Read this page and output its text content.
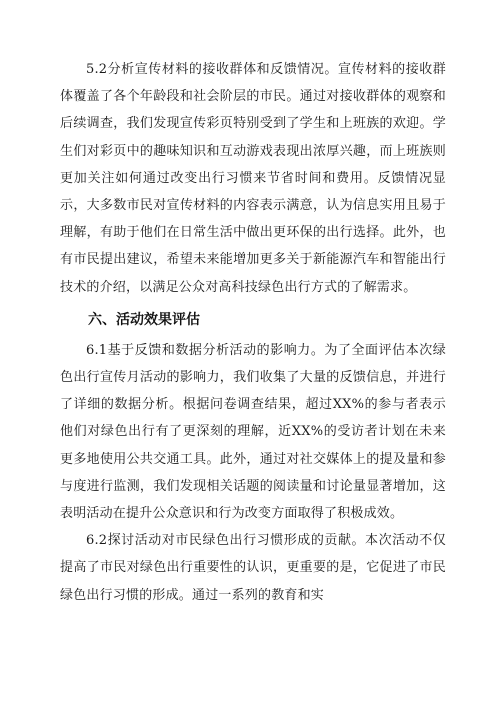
5.2分析宣传材料的接收群体和反馈情况。宣传材料的接收群体覆盖了各个年龄段和社会阶层的市民。通过对接收群体的观察和后续调查，我们发现宣传彩页特别受到了学生和上班族的欢迎。学生们对彩页中的趣味知识和互动游戏表现出浓厚兴趣，而上班族则更加关注如何通过改变出行习惯来节省时间和费用。反馈情况显示，大多数市民对宣传材料的内容表示满意，认为信息实用且易于理解，有助于他们在日常生活中做出更环保的出行选择。此外，也有市民提出建议，希望未来能增加更多关于新能源汽车和智能出行技术的介绍，以满足公众对高科技绿色出行方式的了解需求。

六、活动效果评估

6.1基于反馈和数据分析活动的影响力。为了全面评估本次绿色出行宣传月活动的影响力，我们收集了大量的反馈信息，并进行了详细的数据分析。根据问卷调查结果，超过XX%的参与者表示他们对绿色出行有了更深刻的理解，近XX%的受访者计划在未来更多地使用公共交通工具。此外，通过对社交媒体上的提及量和参与度进行监测，我们发现相关话题的阅读量和讨论量显著增加，这表明活动在提升公众意识和行为改变方面取得了积极成效。

6.2探讨活动对市民绿色出行习惯形成的贡献。本次活动不仅提高了市民对绿色出行重要性的认识，更重要的是，它促进了市民绿色出行习惯的形成。通过一系列的教育和实
